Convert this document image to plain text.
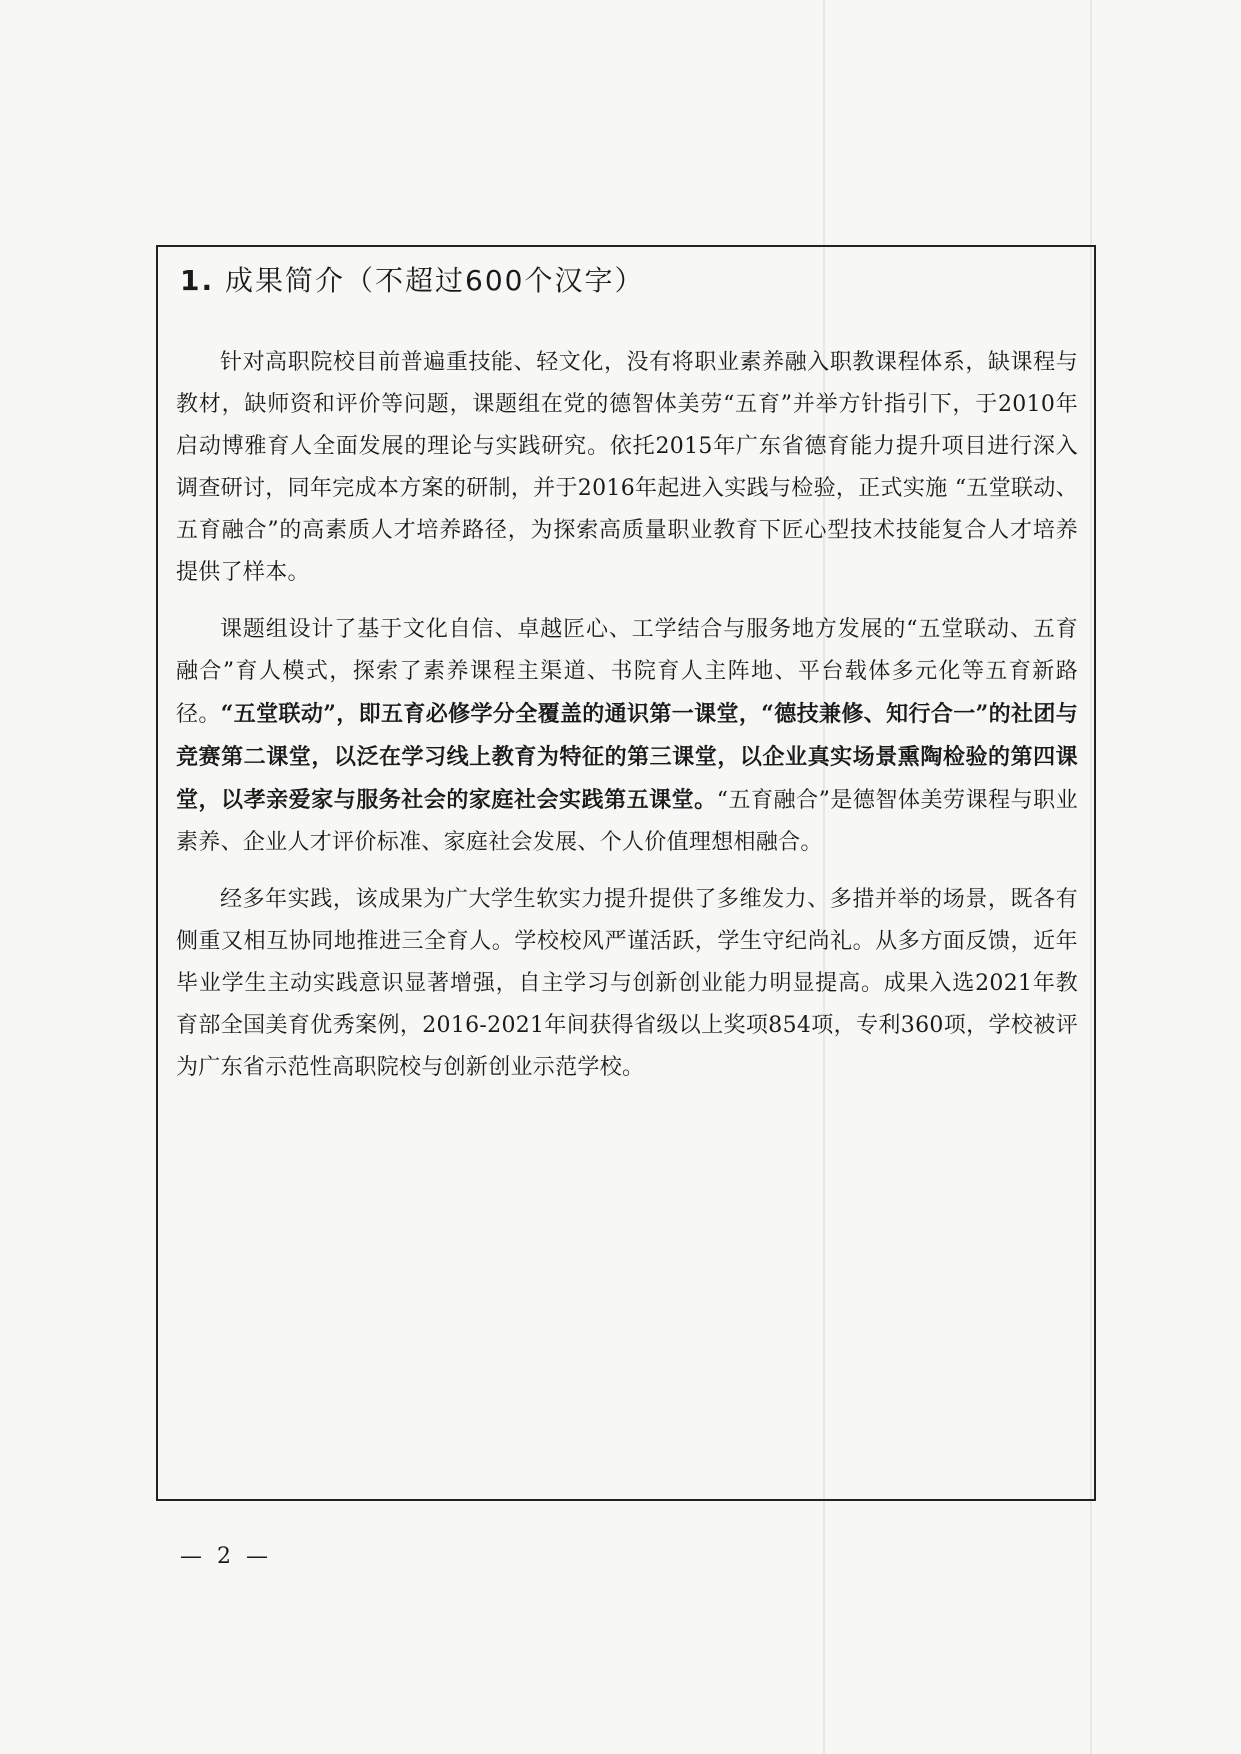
1. 成果简介（不超过600个汉字）

针对高职院校目前普遍重技能、轻文化，没有将职业素养融入职教课程体系，缺课程与教材，缺师资和评价等问题，课题组在党的德智体美劳“五育”并举方针指引下，于2010年启动博雅育人全面发展的理论与实践研究。依托2015年广东省德育能力提升项目进行深入调查研讨，同年完成本方案的研制，并于2016年起进入实践与检验，正式实施 “五堂联动、五育融合”的高素质人才培养路径，为探索高质量职业教育下匠心型技术技能复合人才培养提供了样本。

课题组设计了基于文化自信、卓越匠心、工学结合与服务地方发展的“五堂联动、五育融合”育人模式，探索了素养课程主渠道、书院育人主阵地、平台载体多元化等五育新路径。“五堂联动”，即五育必修学分全覆盖的通识第一课堂，“德技兼修、知行合一”的社团与竞赛第二课堂，以泛在学习线上教育为特征的第三课堂，以企业真实场景熏陶检验的第四课堂，以孝亲爱家与服务社会的家庭社会实践第五课堂。“五育融合”是德智体美劳课程与职业素养、企业人才评价标准、家庭社会发展、个人价值理想相融合。

经多年实践，该成果为广大学生软实力提升提供了多维发力、多措并举的场景，既各有侧重又相互协同地推进三全育人。学校校风严谨活跃，学生守纪尚礼。从多方面反馈，近年毕业学生主动实践意识显著增强，自主学习与创新创业能力明显提高。成果入选2021年教育部全国美育优秀案例，2016-2021年间获得省级以上奖项854项，专利360项，学校被评为广东省示范性高职院校与创新创业示范学校。

— 2 —
